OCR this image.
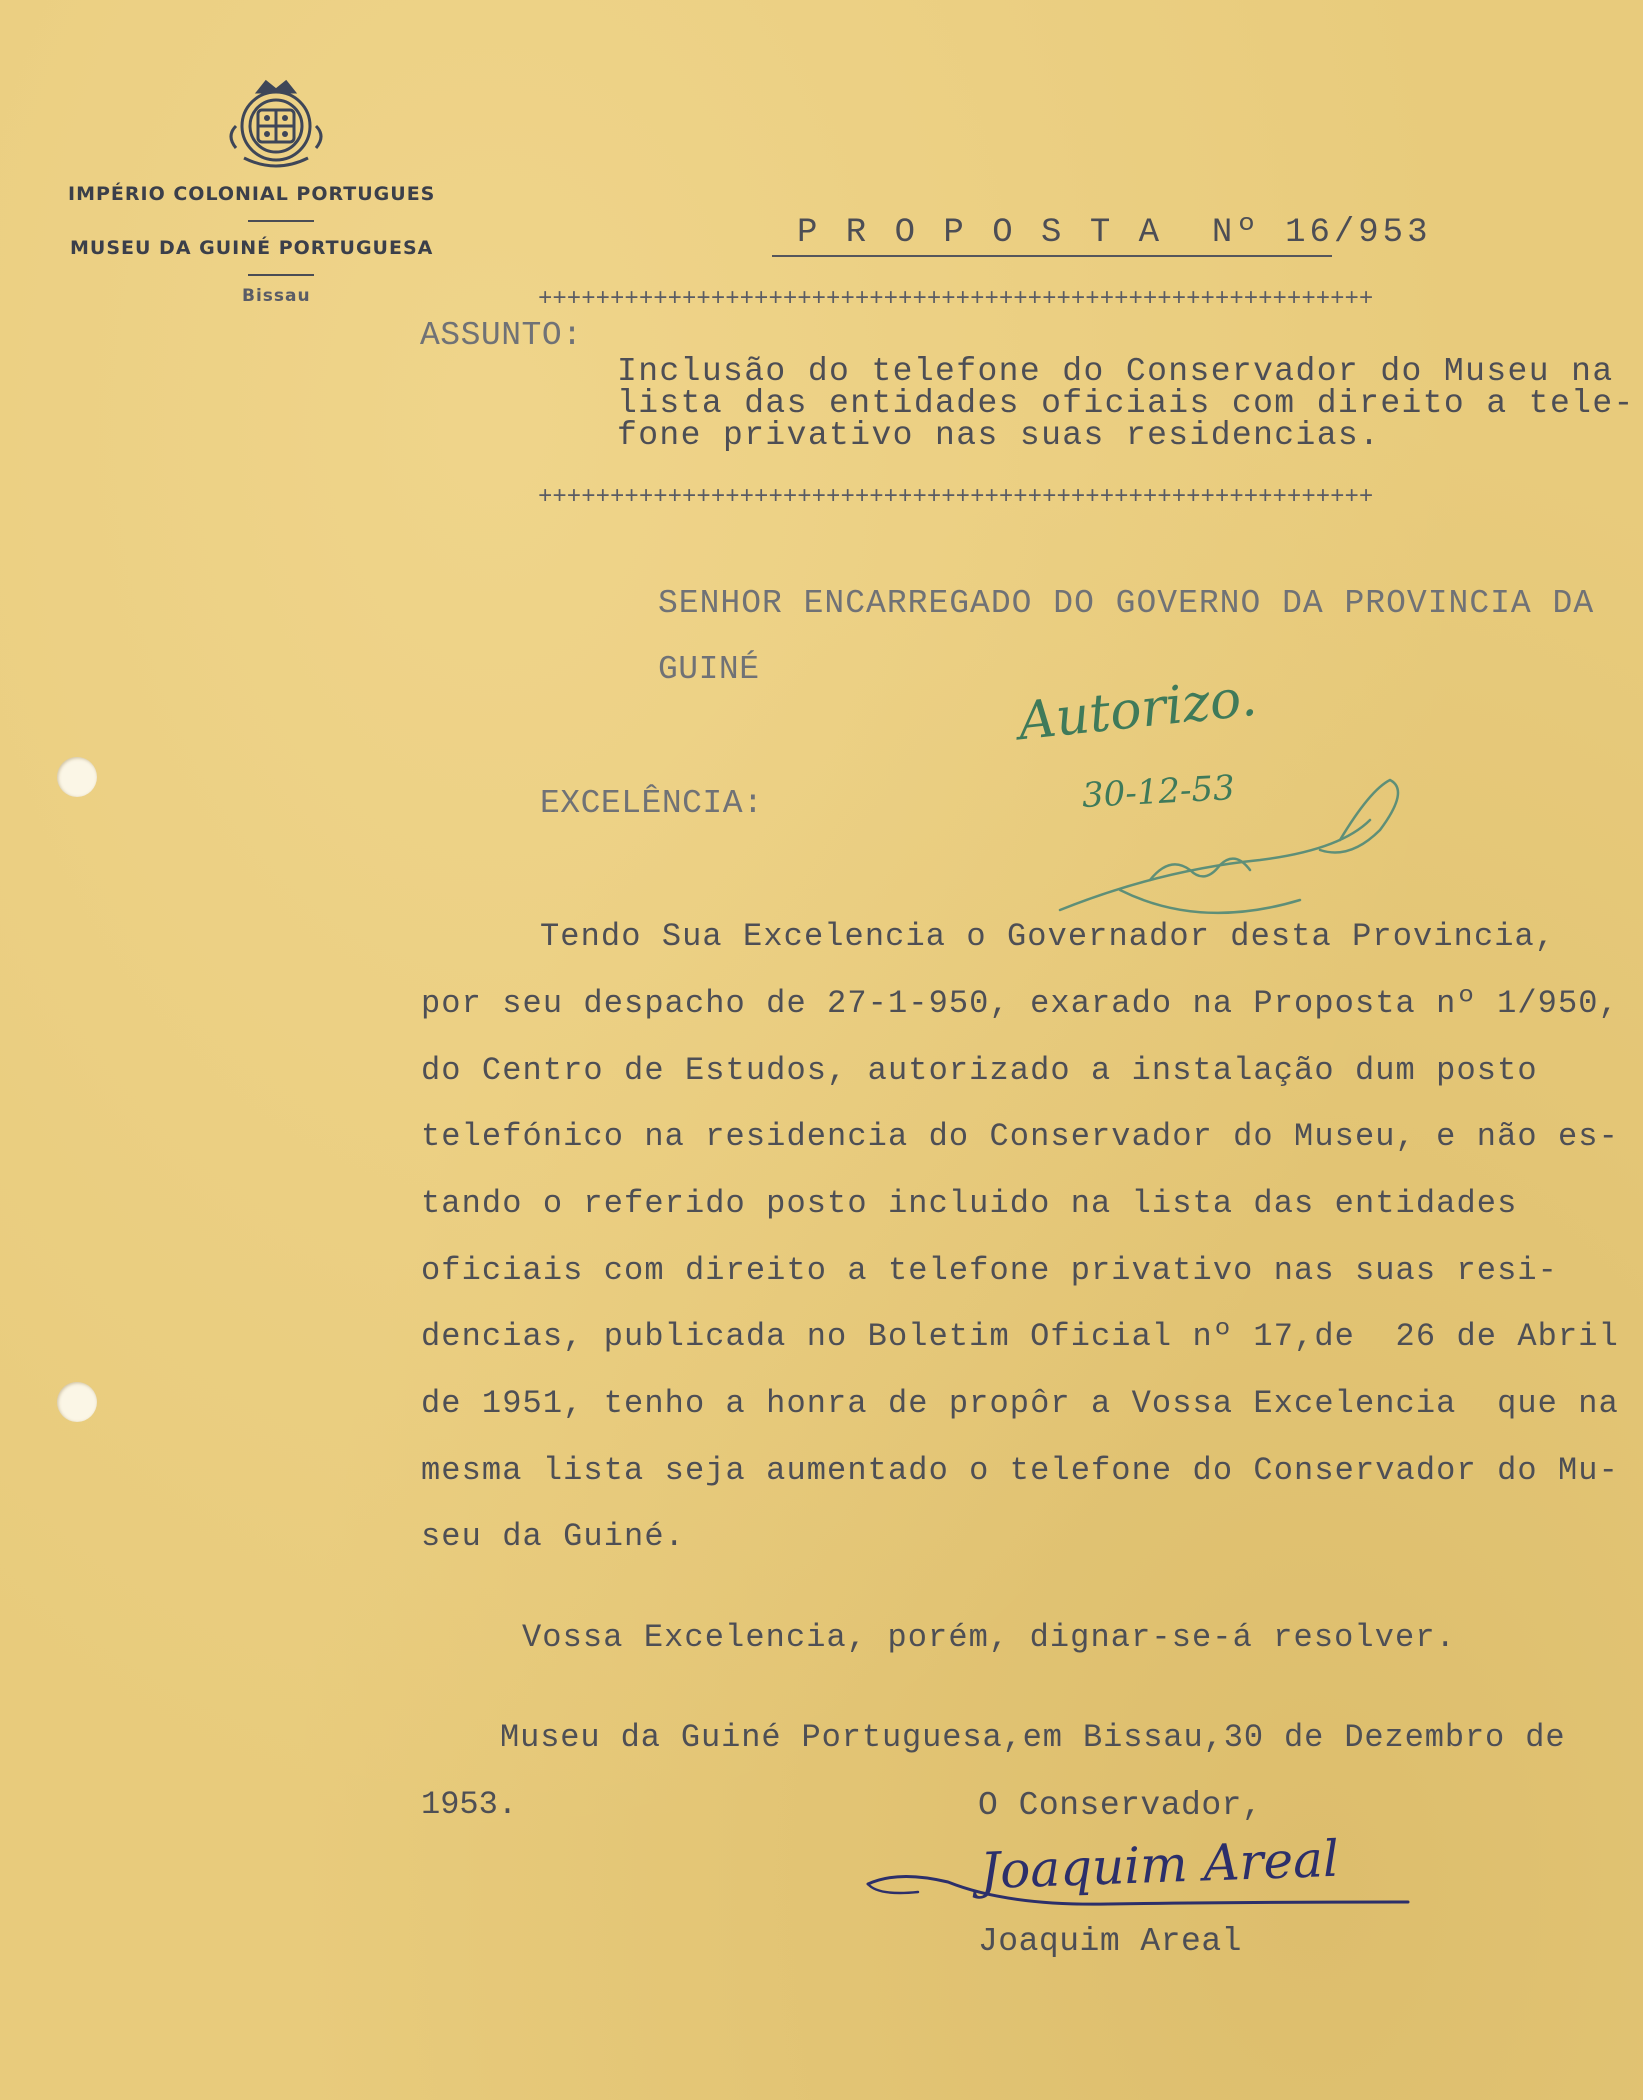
IMPÉRIO COLONIAL PORTUGUES
MUSEU DA GUINÉ PORTUGUESA
Bissau
P R O P O S T A  Nº 16/953
++++++++++++++++++++++++++++++++++++++++++++++++++++++++++
ASSUNTO:
Inclusão do telefone do Conservador do Museu na
lista das entidades oficiais com direito a tele-
fone privativo nas suas residencias.
++++++++++++++++++++++++++++++++++++++++++++++++++++++++++
SENHOR ENCARREGADO DO GOVERNO DA PROVINCIA DA
GUINÉ	Autorizo.
30-12-53
EXCELÊNCIA:
Tendo Sua Excelencia o Governador desta Provincia,
por seu despacho de 27-1-950, exarado na Proposta nº 1/950,
do Centro de Estudos, autorizado a instalação dum posto
telefónico na residencia do Conservador do Museu, e não es-
tando o referido posto incluido na lista das entidades
oficiais com direito a telefone privativo nas suas resi-
dencias, publicada no Boletim Oficial nº 17,de  26 de Abril
de 1951, tenho a honra de propôr a Vossa Excelencia  que na
mesma lista seja aumentado o telefone do Conservador do Mu-
seu da Guiné.
Vossa Excelencia, porém, dignar-se-á resolver.
Museu da Guiné Portuguesa,em Bissau,30 de Dezembro de
1953.	O Conservador,
Joaquim Areal
Joaquim Areal
